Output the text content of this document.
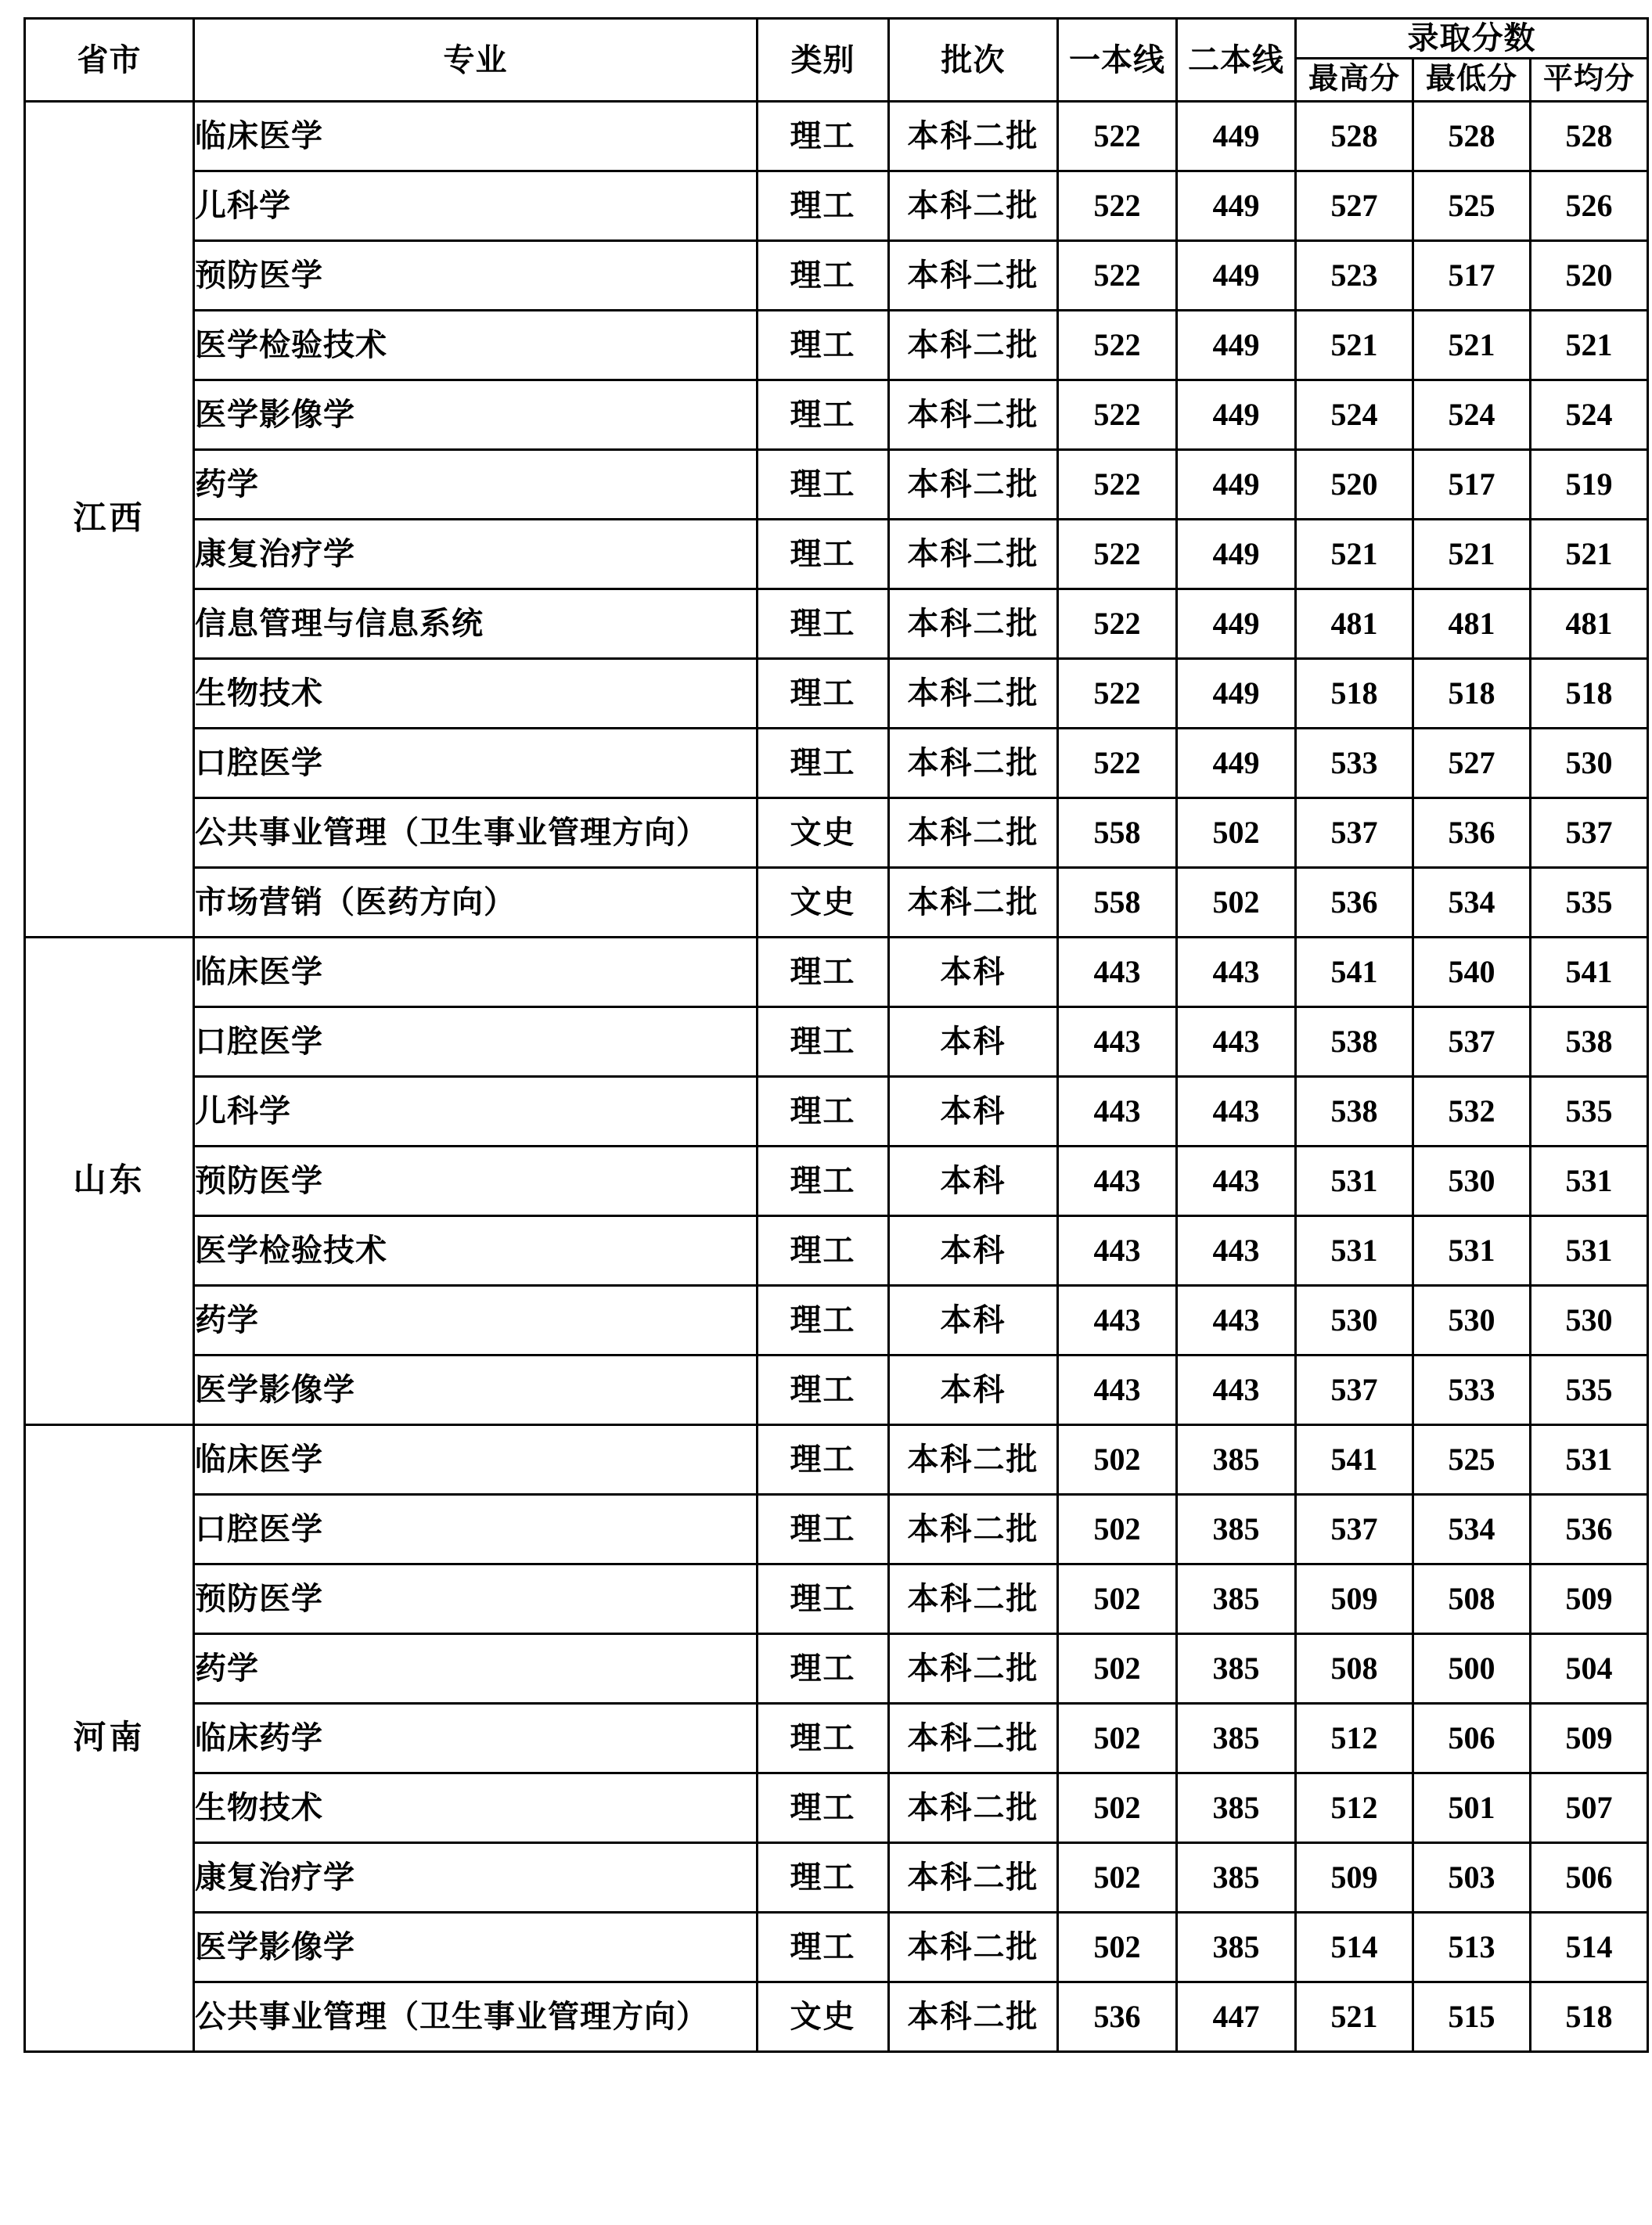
省市	专业	类别	批次	一本线	二本线	录取分数		
						最高分	最低分	平均分
江西	临床医学	理工	本科二批	522	449	528	528	528
	儿科学	理工	本科二批	522	449	527	525	526
	预防医学	理工	本科二批	522	449	523	517	520
	医学检验技术	理工	本科二批	522	449	521	521	521
	医学影像学	理工	本科二批	522	449	524	524	524
	药学	理工	本科二批	522	449	520	517	519
	康复治疗学	理工	本科二批	522	449	521	521	521
	信息管理与信息系统	理工	本科二批	522	449	481	481	481
	生物技术	理工	本科二批	522	449	518	518	518
	口腔医学	理工	本科二批	522	449	533	527	530
	公共事业管理（卫生事业管理方向）	文史	本科二批	558	502	537	536	537
	市场营销（医药方向）	文史	本科二批	558	502	536	534	535
山东	临床医学	理工	本科	443	443	541	540	541
	口腔医学	理工	本科	443	443	538	537	538
	儿科学	理工	本科	443	443	538	532	535
	预防医学	理工	本科	443	443	531	530	531
	医学检验技术	理工	本科	443	443	531	531	531
	药学	理工	本科	443	443	530	530	530
	医学影像学	理工	本科	443	443	537	533	535
河南	临床医学	理工	本科二批	502	385	541	525	531
	口腔医学	理工	本科二批	502	385	537	534	536
	预防医学	理工	本科二批	502	385	509	508	509
	药学	理工	本科二批	502	385	508	500	504
	临床药学	理工	本科二批	502	385	512	506	509
	生物技术	理工	本科二批	502	385	512	501	507
	康复治疗学	理工	本科二批	502	385	509	503	506
	医学影像学	理工	本科二批	502	385	514	513	514
	公共事业管理（卫生事业管理方向）	文史	本科二批	536	447	521	515	518
